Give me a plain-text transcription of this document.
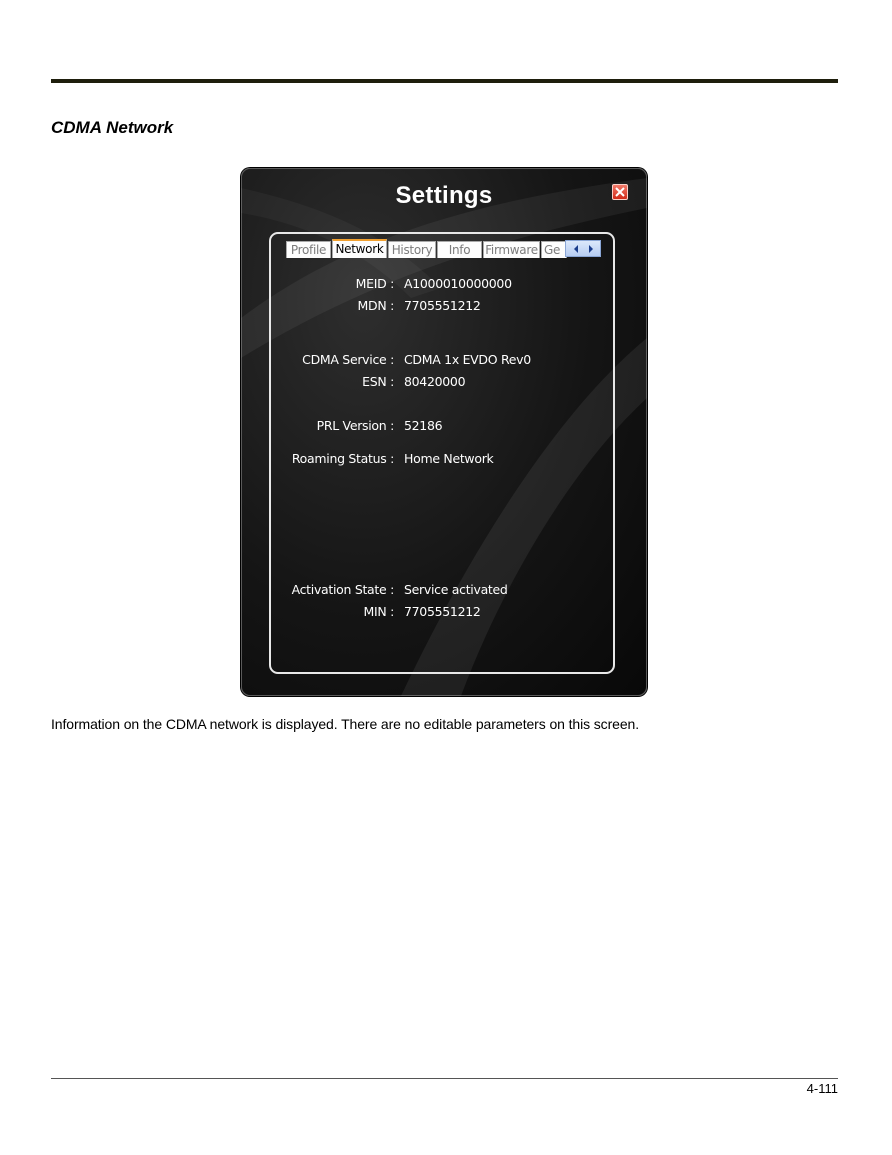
CDMA Network
Settings
Profile Network History	Info	Firmware Ge
MEID : A1000010000000
MDN : 7705551212
CDMA Service : CDMA 1x EVDO Rev0
ESN : 80420000
PRL Version : 52186
Roaming Status : Home Network
Activation State : Service activated
MIN : 7705551212

Information on the CDMA network is displayed. There are no editable parameters on this screen.

4-111
